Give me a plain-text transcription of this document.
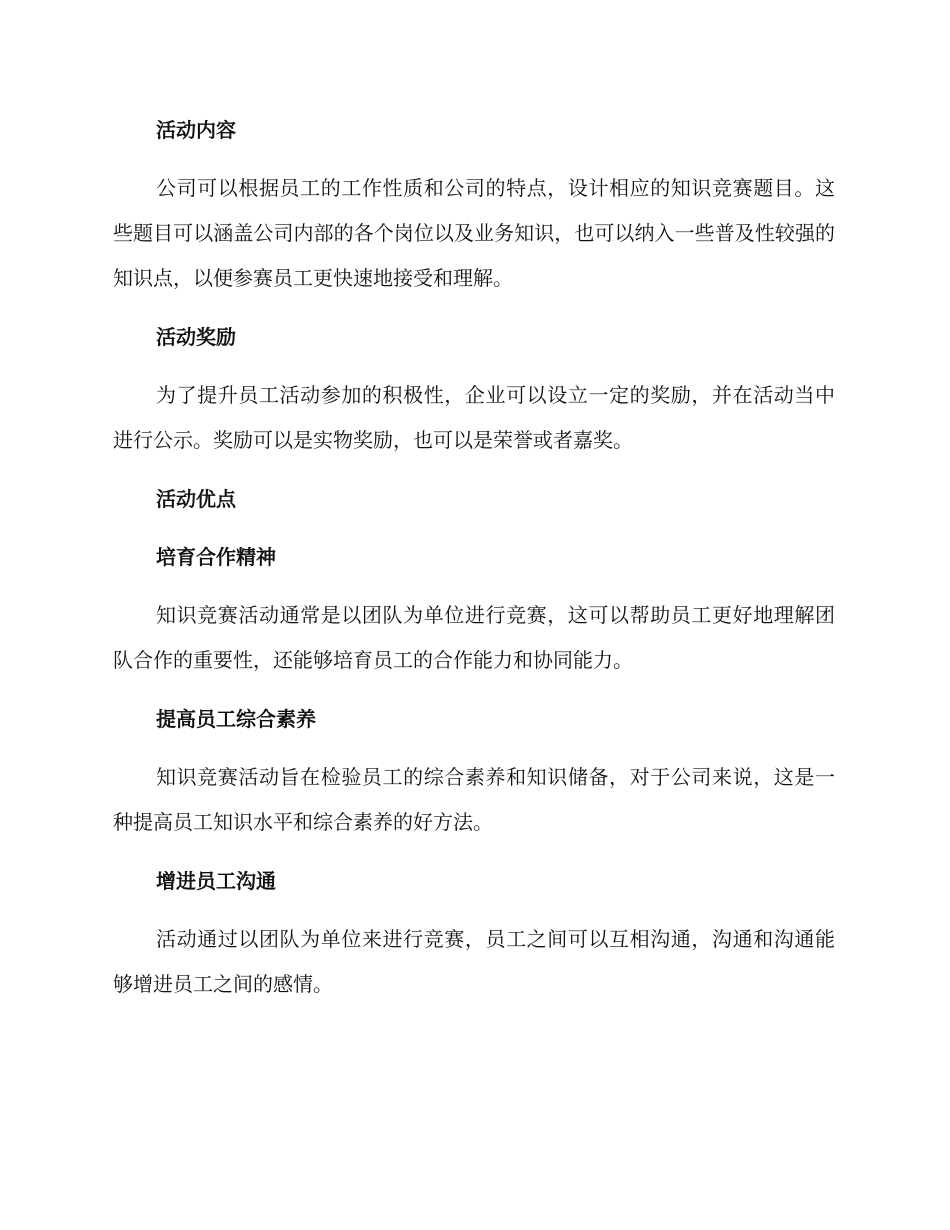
活动内容

公司可以根据员工的工作性质和公司的特点，设计相应的知识竞赛题目。这些题目可以涵盖公司内部的各个岗位以及业务知识，也可以纳入一些普及性较强的知识点，以便参赛员工更快速地接受和理解。

活动奖励

为了提升员工活动参加的积极性，企业可以设立一定的奖励，并在活动当中进行公示。奖励可以是实物奖励，也可以是荣誉或者嘉奖。

活动优点
培育合作精神

知识竞赛活动通常是以团队为单位进行竞赛，这可以帮助员工更好地理解团队合作的重要性，还能够培育员工的合作能力和协同能力。

提高员工综合素养

知识竞赛活动旨在检验员工的综合素养和知识储备，对于公司来说，这是一种提高员工知识水平和综合素养的好方法。

增进员工沟通

活动通过以团队为单位来进行竞赛，员工之间可以互相沟通，沟通和沟通能够增进员工之间的感情。
